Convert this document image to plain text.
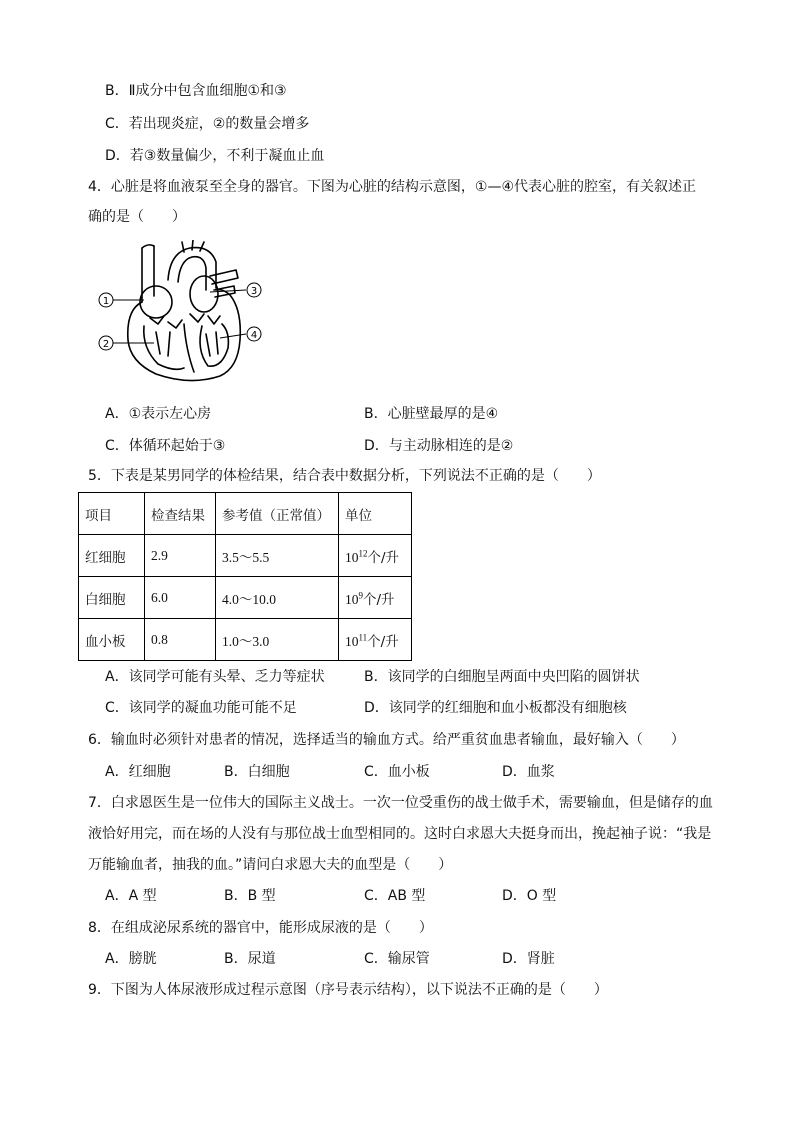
B．Ⅱ成分中包含血细胞①和③
C．若出现炎症，②的数量会增多
D．若③数量偏少，不利于凝血止血
4．心脏是将血液泵至全身的器官。下图为心脏的结构示意图，①—④代表心脏的腔室，有关叙述正
确的是（　　）
1
2
3
4
A．①表示左心房	B．心脏壁最厚的是④
C．体循环起始于③	D．与主动脉相连的是②
5．下表是某男同学的体检结果，结合表中数据分析，下列说法不正确的是（　　）
项目	检查结果	参考值（正常值）	单位
红细胞	2.9	3.5～5.5	$10^{12}$个/升
白细胞	6.0	4.0～10.0	$10^9$个/升
血小板	0.8	1.0～3.0	$10^{11}$个/升
A．该同学可能有头晕、乏力等症状	B．该同学的白细胞呈两面中央凹陷的圆饼状
C．该同学的凝血功能可能不足	D．该同学的红细胞和血小板都没有细胞核
6．输血时必须针对患者的情况，选择适当的输血方式。给严重贫血患者输血，最好输入（　　）
A．红细胞	B．白细胞	C．血小板	D．血浆
7．白求恩医生是一位伟大的国际主义战士。一次一位受重伤的战士做手术，需要输血，但是储存的血
液恰好用完，而在场的人没有与那位战士血型相同的。这时白求恩大夫挺身而出，挽起袖子说：“我是
万能输血者，抽我的血。”请问白求恩大夫的血型是（　　）
A．A 型	B．B 型	C．AB 型	D．O 型
8．在组成泌尿系统的器官中，能形成尿液的是（　　）
A．膀胱	B．尿道	C．输尿管	D．肾脏
9．下图为人体尿液形成过程示意图（序号表示结构），以下说法不正确的是（　　）
